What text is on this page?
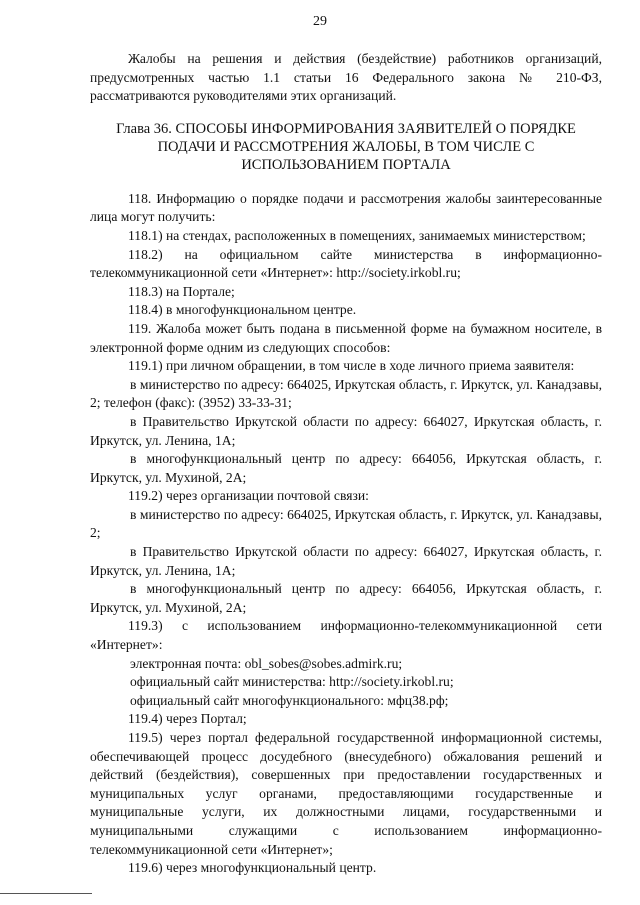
29

Жалобы на решения и действия (бездействие) работников организаций, предусмотренных частью 1.1 статьи 16 Федерального закона № 210-ФЗ, рассматриваются руководителями этих организаций.

Глава 36. СПОСОБЫ ИНФОРМИРОВАНИЯ ЗАЯВИТЕЛЕЙ О ПОРЯДКЕ ПОДАЧИ И РАССМОТРЕНИЯ ЖАЛОБЫ, В ТОМ ЧИСЛЕ С ИСПОЛЬЗОВАНИЕМ ПОРТАЛА

118. Информацию о порядке подачи и рассмотрения жалобы заинтересованные лица могут получить:

118.1) на стендах, расположенных в помещениях, занимаемых министерством;

118.2) на официальном сайте министерства в информационно-телекоммуникационной сети «Интернет»: http://society.irkobl.ru;

118.3) на Портале;

118.4) в многофункциональном центре.

119. Жалоба может быть подана в письменной форме на бумажном носителе, в электронной форме одним из следующих способов:

119.1) при личном обращении, в том числе в ходе личного приема заявителя:

в министерство по адресу: 664025, Иркутская область, г. Иркутск, ул. Канадзавы, 2; телефон (факс): (3952) 33-33-31;

в Правительство Иркутской области по адресу: 664027, Иркутская область, г. Иркутск, ул. Ленина, 1А;

в многофункциональный центр по адресу: 664056, Иркутская область, г. Иркутск, ул. Мухиной, 2А;

119.2) через организации почтовой связи:

в министерство по адресу: 664025, Иркутская область, г. Иркутск, ул. Канадзавы, 2;

в Правительство Иркутской области по адресу: 664027, Иркутская область, г. Иркутск, ул. Ленина, 1А;

в многофункциональный центр по адресу: 664056, Иркутская область, г. Иркутск, ул. Мухиной, 2А;

119.3) с использованием информационно-телекоммуникационной сети «Интернет»:

электронная почта: obl_sobes@sobes.admirk.ru;

официальный сайт министерства: http://society.irkobl.ru;

официальный сайт многофункционального: мфц38.рф;

119.4) через Портал;

119.5) через портал федеральной государственной информационной системы, обеспечивающей процесс досудебного (внесудебного) обжалования решений и действий (бездействия), совершенных при предоставлении государственных и муниципальных услуг органами, предоставляющими государственные и муниципальные услуги, их должностными лицами, государственными и муниципальными служащими с использованием информационно-телекоммуникационной сети «Интернет»;

119.6) через многофункциональный центр.
